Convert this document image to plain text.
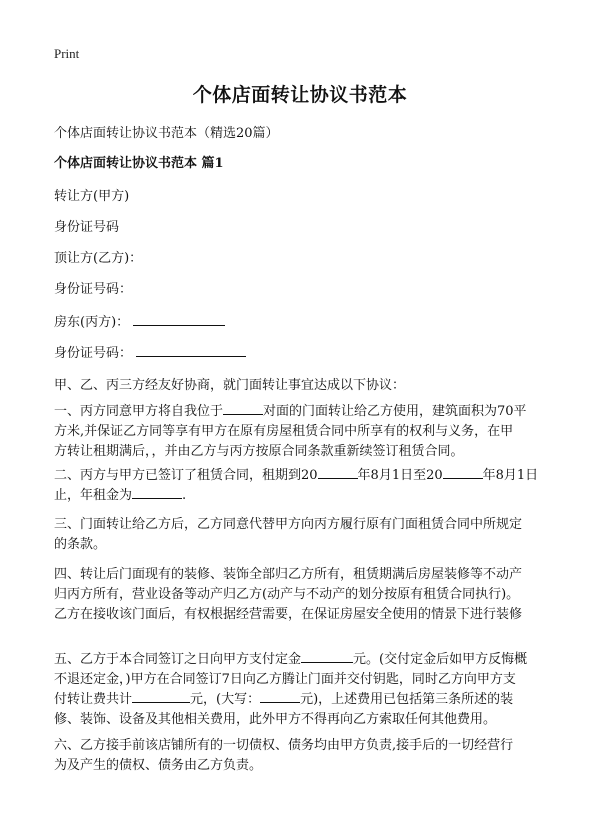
Print
个体店面转让协议书范本
个体店面转让协议书范本（精选20篇）
个体店面转让协议书范本 篇1
转让方(甲方)
身份证号码
顶让方(乙方)：
身份证号码：
房东(丙方)：
身份证号码：
甲、乙、丙三方经友好协商，就门面转让事宜达成以下协议：
一、丙方同意甲方将自我位于	对面的门面转让给乙方使用，建筑面积为70平
方米,并保证乙方同等享有甲方在原有房屋租赁合同中所享有的权利与义务，在甲
方转让租期满后，，并由乙方与丙方按原合同条款重新续签订租赁合同。
二、丙方与甲方已签订了租赁合同，租期到20	年8月1日至20	年8月1日
止，年租金为	.
三、门面转让给乙方后，乙方同意代替甲方向丙方履行原有门面租赁合同中所规定
的条款。
四、转让后门面现有的装修、装饰全部归乙方所有，租赁期满后房屋装修等不动产
归丙方所有，营业设备等动产归乙方(动产与不动产的划分按原有租赁合同执行)。
乙方在接收该门面后，有权根据经营需要，在保证房屋安全使用的情景下进行装修
五、乙方于本合同签订之日向甲方支付定金	元。(交付定金后如甲方反悔概
不退还定金，)甲方在合同签订7日向乙方腾让门面并交付钥匙，同时乙方向甲方支
付转让费共计	元，(大写：	元)，上述费用已包括第三条所述的装
修、装饰、设备及其他相关费用，此外甲方不得再向乙方索取任何其他费用。
六、乙方接手前该店铺所有的一切债权、债务均由甲方负责,接手后的一切经营行
为及产生的债权、债务由乙方负责。
